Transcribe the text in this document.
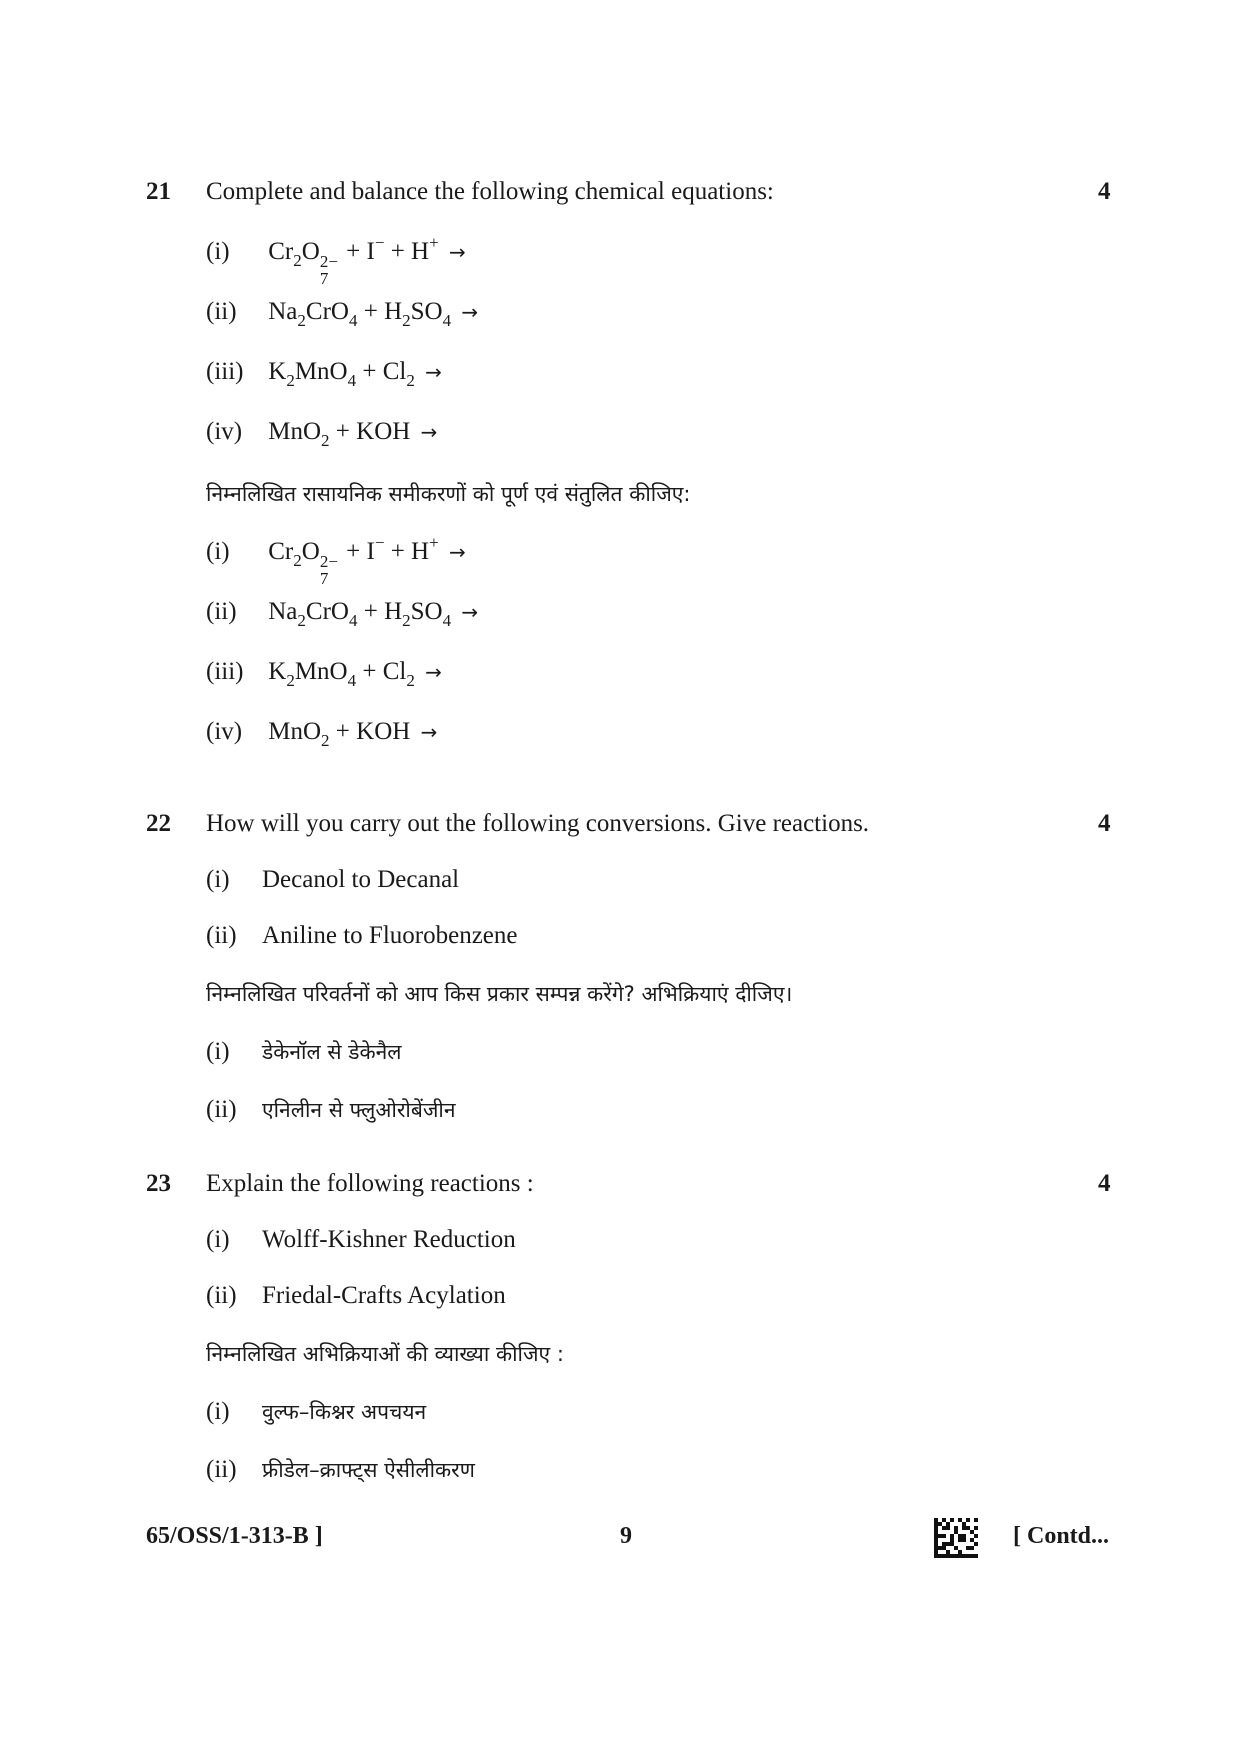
21 Complete and balance the following chemical equations:	4
(i) $Cr_2O$ 2−
7
+ I− + H+ →
(ii) $Na_2CrO_4 + H_2SO_4$ →
(iii) $K_2MnO_4 + Cl_2$ →
(iv) MnO$_2$ + KOH →
निम्नलिखित रासायनिक समीकरणों को पूर्ण एवं संतुलित कीजिए:
(i) $Cr_2O$ 2−
7
+ I− + H+ →
(ii) $Na_2CrO_4 + H_2SO_4$ →
(iii) $K_2MnO_4 + Cl_2$ →
(iv) MnO$_2$ + KOH →
22 How will you carry out the following conversions. Give reactions.	4
(i) Decanol to Decanal
(ii) Aniline to Fluorobenzene
निम्नलिखित परिवर्तनों को आप किस प्रकार सम्पन्न करेंगे? अभिक्रियाएं दीजिए।
(i) डेकेनॉल से डेकेनैल
(ii) एनिलीन से फ्लुओरोबेंजीन
23 Explain the following reactions :	4
(i) Wolff-Kishner Reduction
(ii) Friedal-Crafts Acylation
निम्नलिखित अभिक्रियाओं की व्याख्या कीजिए :
(i) वुल्फ–किश्नर अपचयन
(ii) फ्रीडेल–क्राफ्ट्स ऐसीलीकरण
65/OSS/1-313-B ]	9	[ Contd...
